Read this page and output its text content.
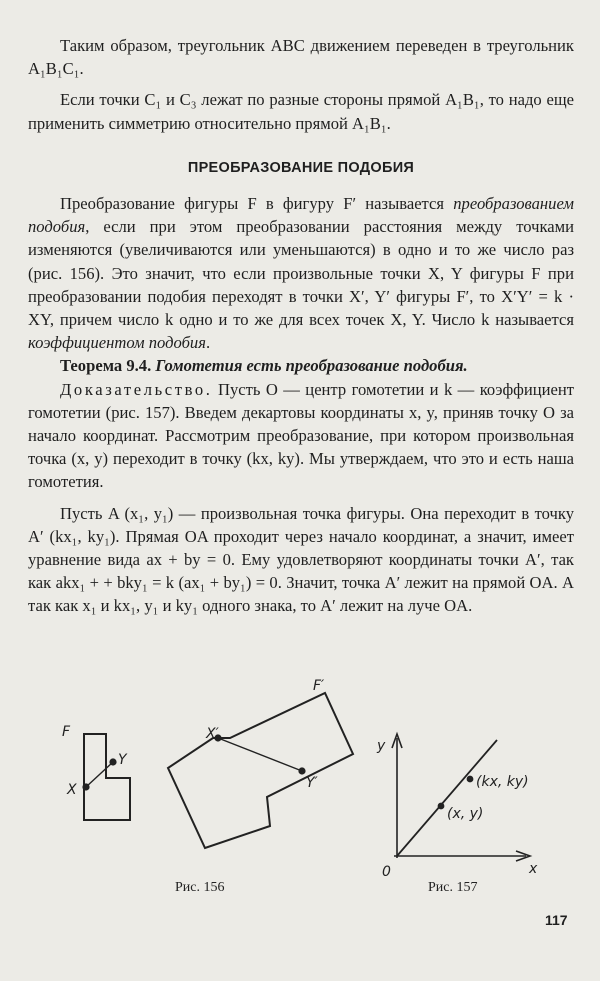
Таким образом, треугольник ABC движением переведен в треугольник A₁B₁C₁.

Если точки C₁ и C₃ лежат по разные стороны прямой A₁B₁, то надо еще применить симметрию относительно прямой A₁B₁.

ПРЕОБРАЗОВАНИЕ ПОДОБИЯ

Преобразование фигуры F в фигуру F′ называется преобразованием подобия, если при этом преобразовании расстояния между точками изменяются (увеличиваются или уменьшаются) в одно и то же число раз (рис. 156). Это значит, что если произвольные точки X, Y фигуры F при преобразовании подобия переходят в точки X′, Y′ фигуры F′, то X′Y′ = k · XY, причем число k одно и то же для всех точек X, Y. Число k называется коэффициентом подобия.

Теорема 9.4. Гомотетия есть преобразование подобия.

Доказательство. Пусть O — центр гомотетии и k — коэффициент гомотетии (рис. 157). Введем декартовы координаты x, y, приняв точку O за начало координат. Рассмотрим преобразование, при котором произвольная точка (x, y) переходит в точку (kx, ky). Мы утверждаем, что это и есть наша гомотетия.

Пусть A (x₁, y₁) — произвольная точка фигуры. Она переходит в точку A′ (kx₁, ky₁). Прямая OA проходит через начало координат, а значит, имеет уравнение вида ax + by = 0. Ему удовлетворяют координаты точки A′, так как akx₁ + + bky₁ = k (ax₁ + by₁) = 0. Значит, точка A′ лежит на прямой OA. А так как x₁ и kx₁, y₁ и ky₁ одного знака, то A′ лежит на луче OA.

F
X
Y
F′
X′
Y′
Рис. 156
y
x
0
(x, y)
(kx, ky)
Рис. 157
117
